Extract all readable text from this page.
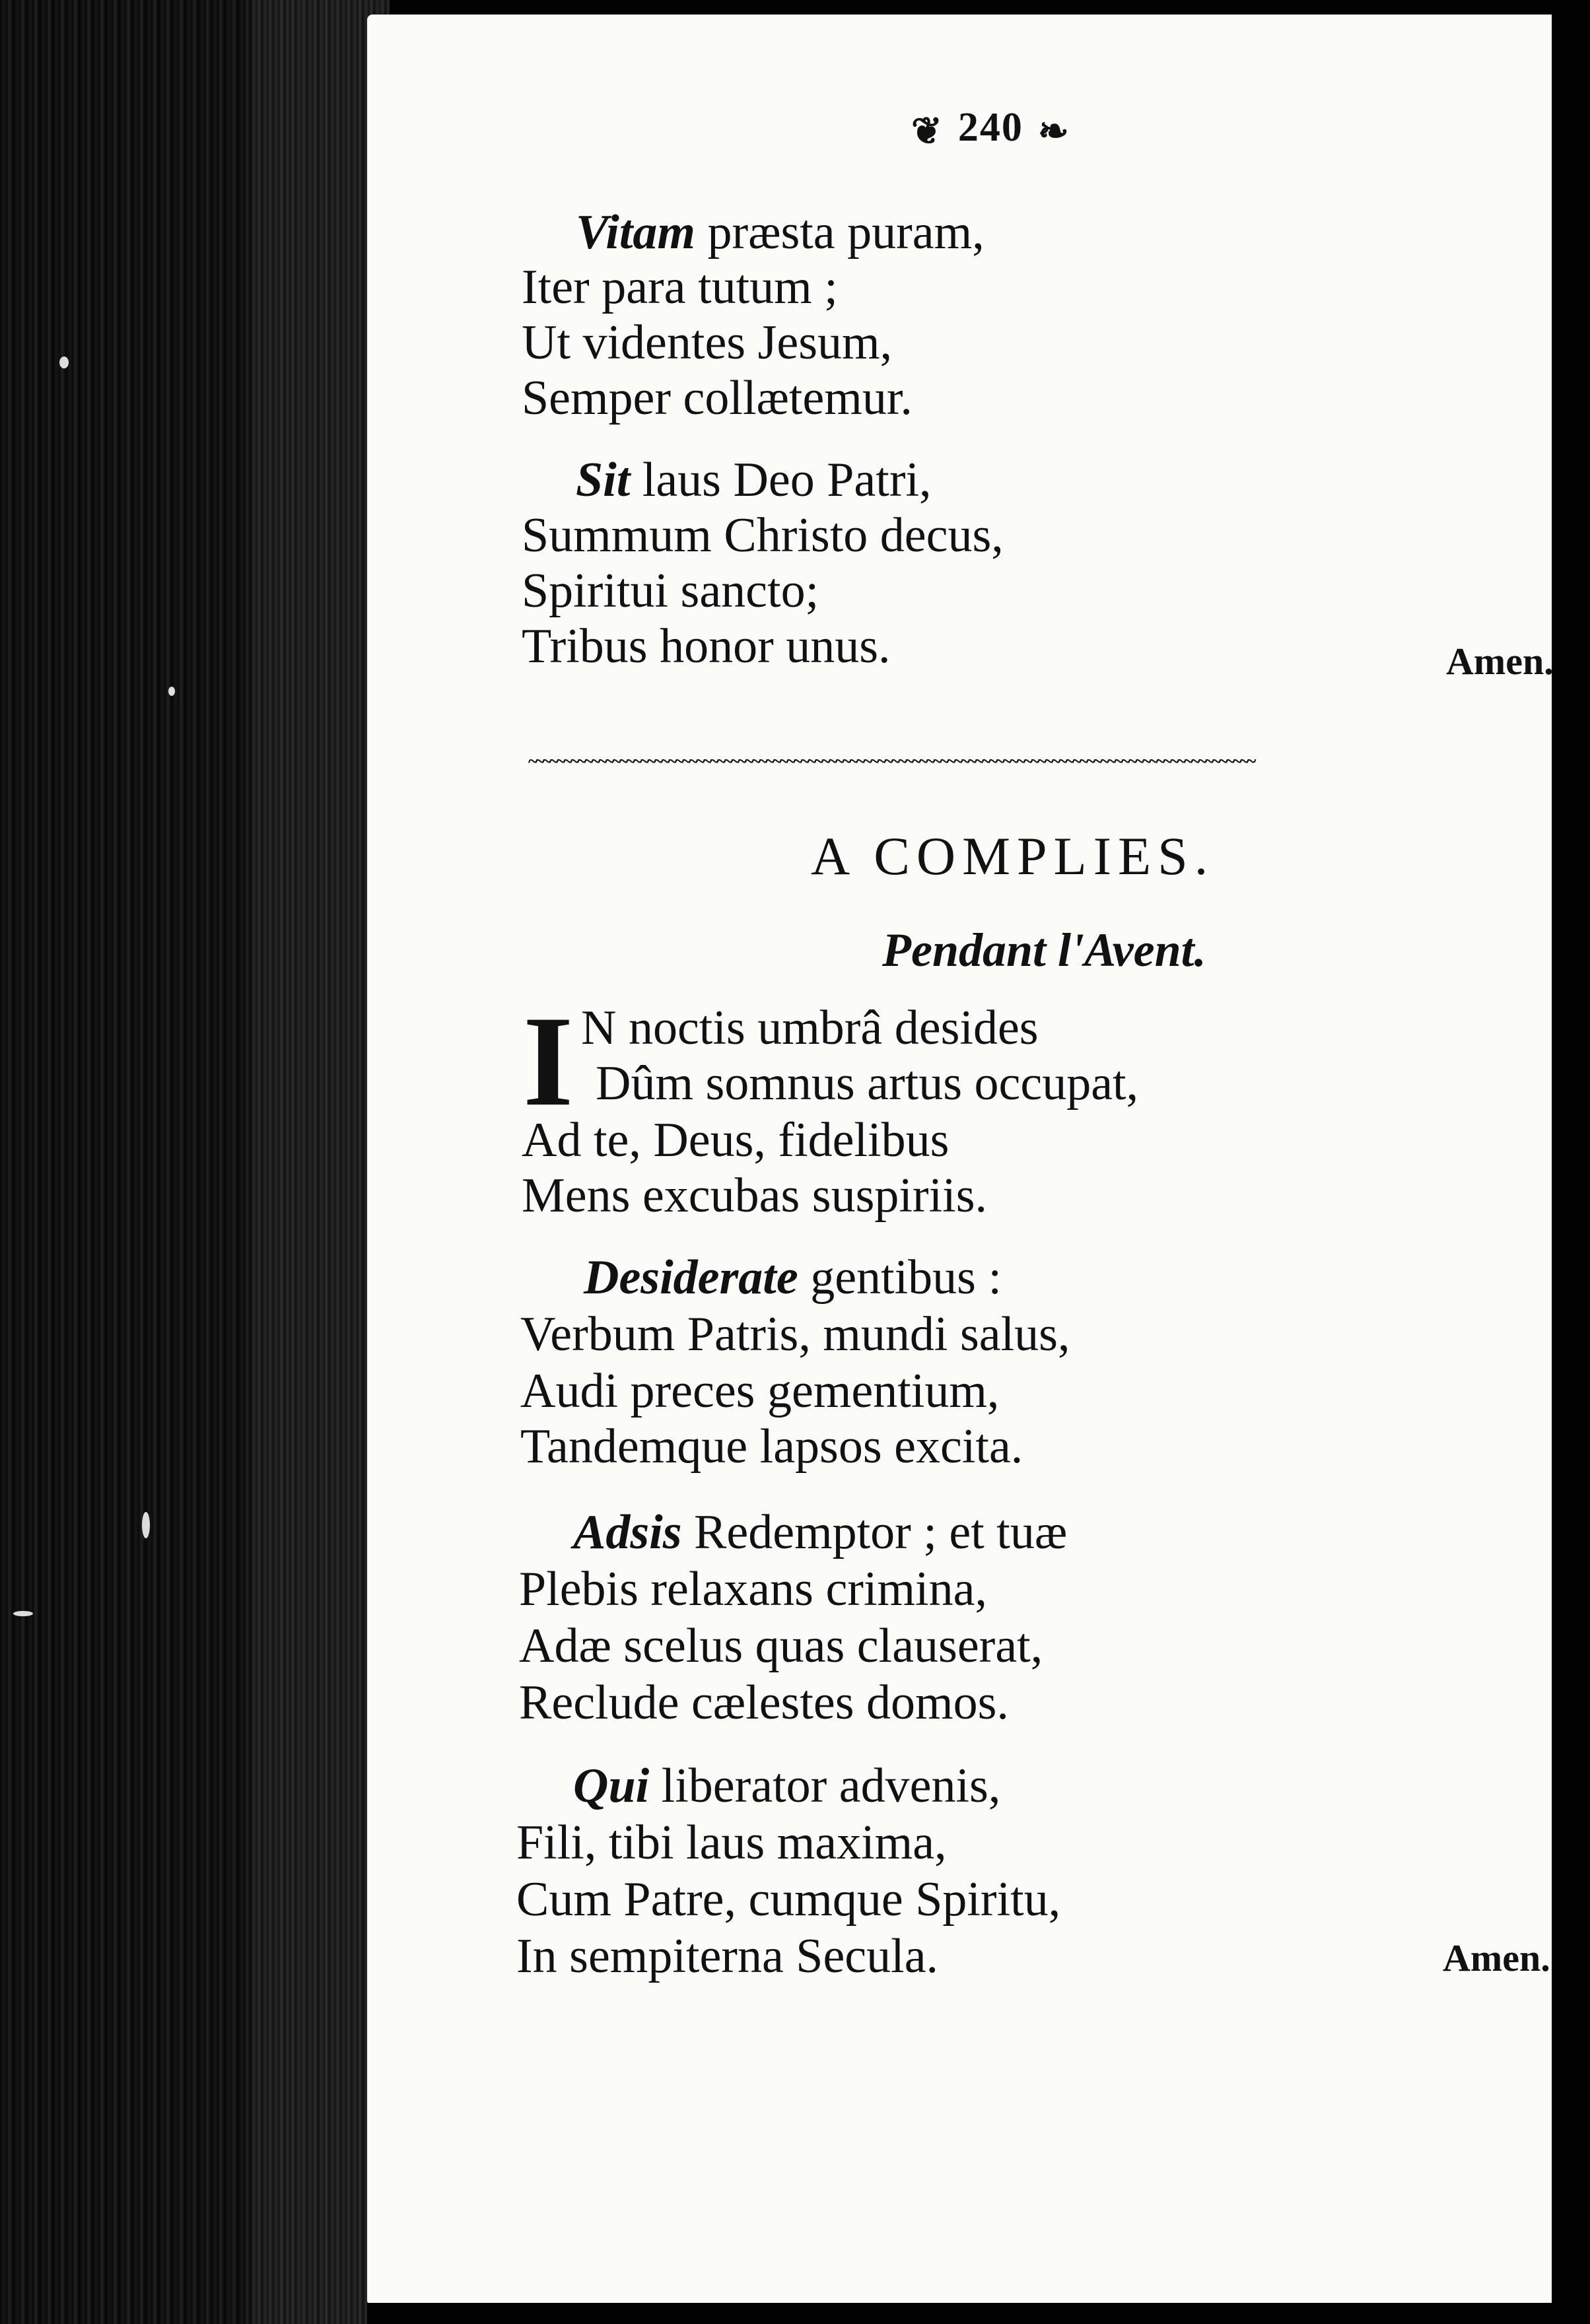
❦ 240 ❧
Vitam præsta puram,
Iter para tutum ;
Ut videntes Jesum,
Semper collætemur.
Sit laus Deo Patri,
Summum Christo decus,
Spiritui sancto;
Tribus honor unus.	Amen.
~~~~~~~~~~~~~~~~~~~~~~~~~~~~~~~~~~~~~~~~~~~~~~~~~~~~~~~~~~~~~~~~~~~~~~~~~~~~~~~~~~~~~~~~~~~~~~~~~~~~~~~~
A COMPLIES.
Pendant l'Avent.
I N noctis umbrâ desides
Dûm somnus artus occupat,
Ad te, Deus, fidelibus
Mens excubas suspiriis.
Desiderate gentibus :
Verbum Patris, mundi salus,
Audi preces gementium,
Tandemque lapsos excita.
Adsis Redemptor ; et tuæ
Plebis relaxans crimina,
Adæ scelus quas clauserat,
Reclude cælestes domos.
Qui liberator advenis,
Fili, tibi laus maxima,
Cum Patre, cumque Spiritu,
In sempiterna Secula.	Amen.
